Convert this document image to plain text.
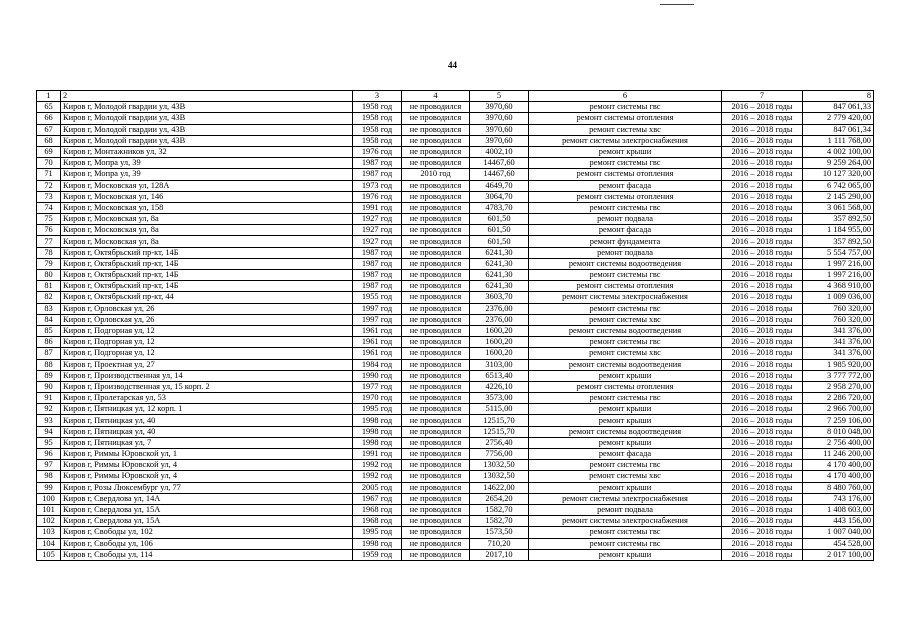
44
1	2	3	4	5	6	7	8
65	Киров г, Молодой гвардии ул, 43В	1958 год	не проводился	3970,60	ремонт системы гвс	2016 – 2018 годы	847 061,33
66	Киров г, Молодой гвардии ул, 43В	1958 год	не проводился	3970,60	ремонт системы отопления	2016 – 2018 годы	2 779 420,00
67	Киров г, Молодой гвардии ул, 43В	1958 год	не проводился	3970,60	ремонт системы хвс	2016 – 2018 годы	847 061,34
68	Киров г, Молодой гвардии ул, 43В	1958 год	не проводился	3970,60	ремонт системы электроснабжения	2016 – 2018 годы	1 111 768,00
69	Киров г, Монтажников ул, 32	1976 год	не проводился	4002,10	ремонт крыши	2016 – 2018 годы	4 002 100,00
70	Киров г, Мопра ул, 39	1987 год	не проводился	14467,60	ремонт системы гвс	2016 – 2018 годы	9 259 264,00
71	Киров г, Мопра ул, 39	1987 год	2010 год	14467,60	ремонт системы отопления	2016 – 2018 годы	10 127 320,00
72	Киров г, Московская ул, 128А	1973 год	не проводился	4649,70	ремонт фасада	2016 – 2018 годы	6 742 065,00
73	Киров г, Московская ул, 146	1976 год	не проводился	3064,70	ремонт системы отопления	2016 – 2018 годы	2 145 290,00
74	Киров г, Московская ул, 158	1991 год	не проводился	4783,70	ремонт системы гвс	2016 – 2018 годы	3 061 568,00
75	Киров г, Московская ул, 8а	1927 год	не проводился	601,50	ремонт подвала	2016 – 2018 годы	357 892,50
76	Киров г, Московская ул, 8а	1927 год	не проводился	601,50	ремонт фасада	2016 – 2018 годы	1 184 955,00
77	Киров г, Московская ул, 8а	1927 год	не проводился	601,50	ремонт фундамента	2016 – 2018 годы	357 892,50
78	Киров г, Октябрьский пр-кт, 14Б	1987 год	не проводился	6241,30	ремонт подвала	2016 – 2018 годы	5 554 757,00
79	Киров г, Октябрьский пр-кт, 14Б	1987 год	не проводился	6241,30	ремонт системы водоотведения	2016 – 2018 годы	1 997 216,00
80	Киров г, Октябрьский пр-кт, 14Б	1987 год	не проводился	6241,30	ремонт системы гвс	2016 – 2018 годы	1 997 216,00
81	Киров г, Октябрьский пр-кт, 14Б	1987 год	не проводился	6241,30	ремонт системы отопления	2016 – 2018 годы	4 368 910,00
82	Киров г, Октябрьский пр-кт, 44	1955 год	не проводился	3603,70	ремонт системы электроснабжения	2016 – 2018 годы	1 009 036,00
83	Киров г, Орловская ул, 26	1997 год	не проводился	2376,00	ремонт системы гвс	2016 – 2018 годы	760 320,00
84	Киров г, Орловская ул, 26	1997 год	не проводился	2376,00	ремонт системы хвс	2016 – 2018 годы	760 320,00
85	Киров г, Подгорная ул, 12	1961 год	не проводился	1600,20	ремонт системы водоотведения	2016 – 2018 годы	341 376,00
86	Киров г, Подгорная ул, 12	1961 год	не проводился	1600,20	ремонт системы гвс	2016 – 2018 годы	341 376,00
87	Киров г, Подгорная ул, 12	1961 год	не проводился	1600,20	ремонт системы хвс	2016 – 2018 годы	341 376,00
88	Киров г, Проектная ул, 27	1984 год	не проводился	3103,00	ремонт системы водоотведения	2016 – 2018 годы	1 985 920,00
89	Киров г, Производственная ул, 14	1990 год	не проводился	6513,40	ремонт крыши	2016 – 2018 годы	3 777 772,00
90	Киров г, Производственная ул, 15 корп. 2	1977 год	не проводился	4226,10	ремонт системы отопления	2016 – 2018 годы	2 958 270,00
91	Киров г, Пролетарская ул, 53	1970 год	не проводился	3573,00	ремонт системы гвс	2016 – 2018 годы	2 286 720,00
92	Киров г, Пятницкая ул, 12 корп. 1	1995 год	не проводился	5115,00	ремонт крыши	2016 – 2018 годы	2 966 700,00
93	Киров г, Пятницкая ул, 40	1998 год	не проводился	12515,70	ремонт крыши	2016 – 2018 годы	7 259 106,00
94	Киров г, Пятницкая ул, 40	1998 год	не проводился	12515,70	ремонт системы водоотведения	2016 – 2018 годы	8 010 048,00
95	Киров г, Пятницкая ул, 7	1998 год	не проводился	2756,40	ремонт крыши	2016 – 2018 годы	2 756 400,00
96	Киров г, Риммы Юровской ул, 1	1991 год	не проводился	7756,00	ремонт фасада	2016 – 2018 годы	11 246 200,00
97	Киров г, Риммы Юровской ул, 4	1992 год	не проводился	13032,50	ремонт системы гвс	2016 – 2018 годы	4 170 400,00
98	Киров г, Риммы Юровской ул, 4	1992 год	не проводился	13032,50	ремонт системы хвс	2016 – 2018 годы	4 170 400,00
99	Киров г, Розы Люксембург ул, 77	2005 год	не проводился	14622,00	ремонт крыши	2016 – 2018 годы	8 480 760,00
100	Киров г, Свердлова ул, 14А	1967 год	не проводился	2654,20	ремонт системы электроснабжения	2016 – 2018 годы	743 176,00
101	Киров г, Свердлова ул, 15А	1968 год	не проводился	1582,70	ремонт подвала	2016 – 2018 годы	1 408 603,00
102	Киров г, Свердлова ул, 15А	1968 год	не проводился	1582,70	ремонт системы электроснабжения	2016 – 2018 годы	443 156,00
103	Киров г, Свободы ул, 102	1995 год	не проводился	1573,50	ремонт системы гвс	2016 – 2018 годы	1 007 040,00
104	Киров г, Свободы ул, 106	1998 год	не проводился	710,20	ремонт системы гвс	2016 – 2018 годы	454 528,00
105	Киров г, Свободы ул, 114	1959 год	не проводился	2017,10	ремонт крыши	2016 – 2018 годы	2 017 100,00
